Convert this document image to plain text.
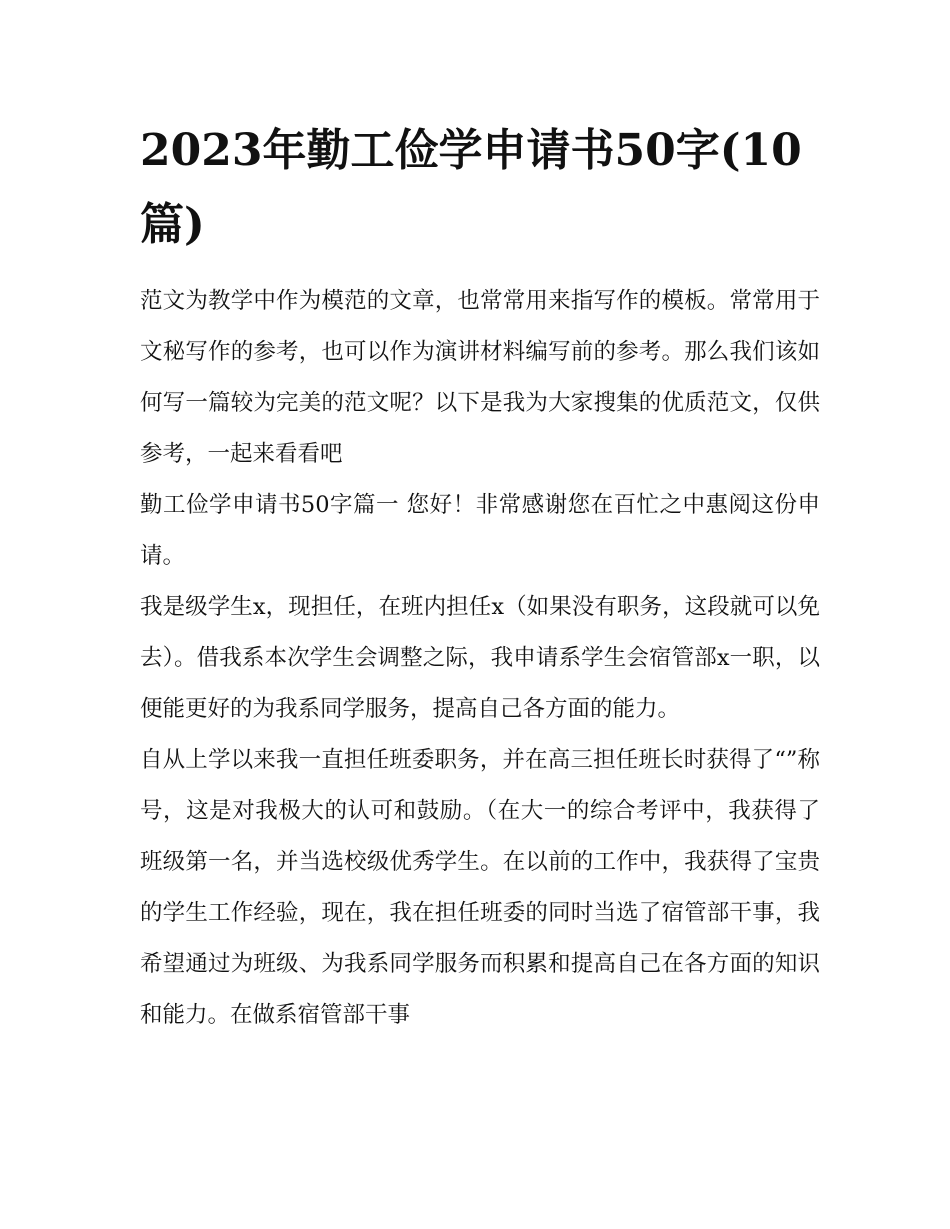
2023年勤工俭学申请书50字(10篇)

范文为教学中作为模范的文章，也常常用来指写作的模板。常常用于文秘写作的参考，也可以作为演讲材料编写前的参考。那么我们该如何写一篇较为完美的范文呢？以下是我为大家搜集的优质范文，仅供参考，一起来看看吧

勤工俭学申请书50字篇一 您好！非常感谢您在百忙之中惠阅这份申请。

我是级学生x，现担任，在班内担任x（如果没有职务，这段就可以免去）。借我系本次学生会调整之际，我申请系学生会宿管部x一职，以便能更好的为我系同学服务，提高自己各方面的能力。

自从上学以来我一直担任班委职务，并在高三担任班长时获得了“”称号，这是对我极大的认可和鼓励。（在大一的综合考评中，我获得了班级第一名，并当选校级优秀学生。在以前的工作中，我获得了宝贵的学生工作经验，现在，我在担任班委的同时当选了宿管部干事，我希望通过为班级、为我系同学服务而积累和提高自己在各方面的知识和能力。在做系宿管部干事
